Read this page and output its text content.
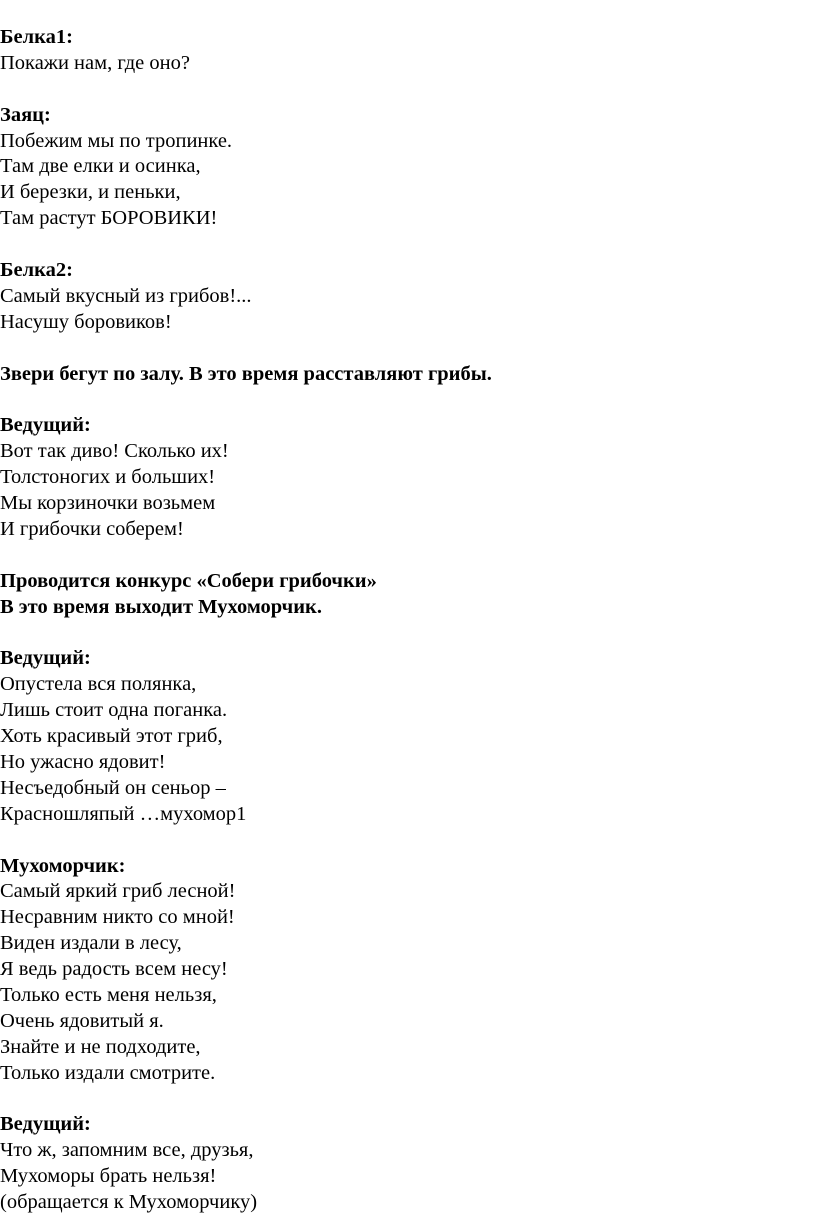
Белка1:
Покажи нам, где оно?
Заяц:
Побежим мы по тропинке.
Там две елки и осинка,
И березки, и пеньки,
Там растут БОРОВИКИ!
Белка2:
Самый вкусный из грибов!...
Насушу боровиков!
Звери бегут по залу. В это время расставляют грибы.
Ведущий:
Вот так диво! Сколько их!
Толстоногих и больших!
Мы корзиночки возьмем
И грибочки соберем!
Проводится конкурс «Собери грибочки»
В это время выходит Мухоморчик.
Ведущий:
Опустела вся полянка,
Лишь стоит одна поганка.
Хоть красивый этот гриб,
Но ужасно ядовит!
Несъедобный он сеньор –
Красношляпый …мухомор1
Мухоморчик:
Самый яркий гриб лесной!
Несравним никто со мной!
Виден издали в лесу,
Я ведь радость всем несу!
Только есть меня нельзя,
Очень ядовитый я.
Знайте и не подходите,
Только издали смотрите.
Ведущий:
Что ж, запомним все, друзья,
Мухоморы брать нельзя!
(обращается к Мухоморчику)
